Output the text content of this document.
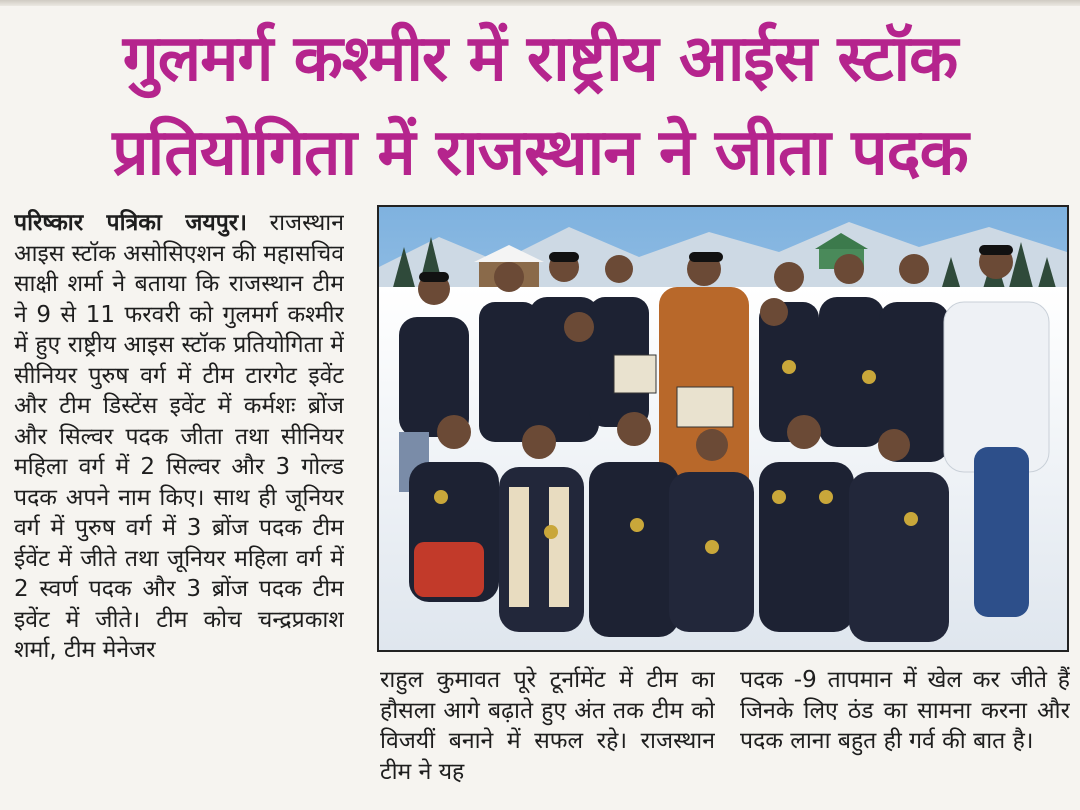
गुलमर्ग कश्मीर में राष्ट्रीय आईस स्टॉक
प्रतियोगिता में राजस्थान ने जीता पदक
परिष्कार पत्रिका जयपुर। राजस्थान आइस स्टॉक असोसिएशन की महासचिव साक्षी शर्मा ने बताया कि राजस्थान टीम ने 9 से 11 फरवरी को गुलमर्ग कश्मीर में हुए राष्ट्रीय आइस स्टॉक प्रतियोगिता में सीनियर पुरुष वर्ग में टीम टारगेट इवेंट और टीम डिस्टेंस इवेंट में कर्मशः ब्रोंज और सिल्वर पदक जीता तथा सीनियर महिला वर्ग में 2 सिल्वर और 3 गोल्ड पदक अपने नाम किए। साथ ही जूनियर वर्ग में पुरुष वर्ग में 3 ब्रोंज पदक टीम ईवेंट में जीते तथा जूनियर महिला वर्ग में 2 स्वर्ण पदक और 3 ब्रोंज पदक टीम इवेंट में जीते। टीम कोच चन्द्रप्रकाश शर्मा, टीम मेनेजर
राहुल कुमावत पूरे टूर्नामेंट में टीम का हौसला आगे बढ़ाते हुए अंत तक टीम को विजयीं बनाने में सफल रहे। राजस्थान टीम ने यह
पदक -9 तापमान में खेल कर जीते हैं जिनके लिए ठंड का सामना करना और पदक लाना बहुत ही गर्व की बात है।
